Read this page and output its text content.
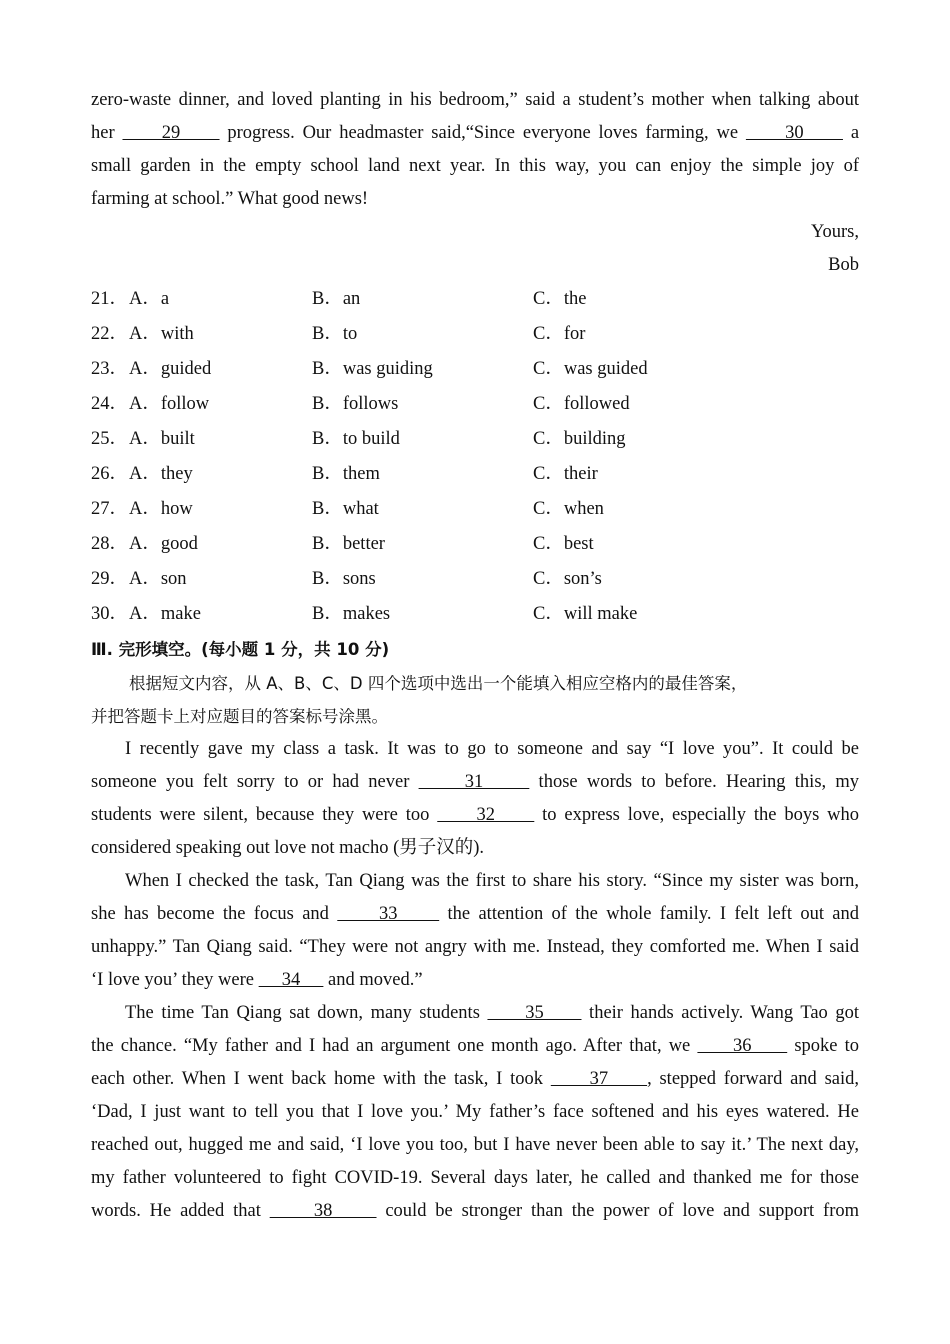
zero-waste dinner, and loved planting in his bedroom,” said a student’s mother when talking about
her      29      progress. Our headmaster said,“Since everyone loves farming, we      30      a
small garden in the empty school land next year. In this way, you can enjoy the simple joy of
farming at school.” What good news!
Yours,
Bob
21． A．a	B．an	C．the
22． A．with	B．to	C．for
23． A．guided	B．was guiding	C．was guided
24． A．follow	B．follows	C．followed
25． A．built	B．to build	C．building
26． A．they	B．them	C．their
27． A．how	B．what	C．when
28． A．good	B．better	C．best
29． A．son	B．sons	C．son’s
30． A．make	B．makes	C．will make
Ⅲ. 完形填空。(每小题 1 分，共 10 分)
根据短文内容，从 A、B、C、D 四个选项中选出一个能填入相应空格内的最佳答案，
并把答题卡上对应题目的答案标号涂黑。
I recently gave my class a task. It was to go to someone and say “I love you”. It could be
someone you felt sorry to or had never      31      those words to before. Hearing this, my
students were silent, because they were too      32      to express love, especially the boys who
considered speaking out love not macho (男子汉的).
When I checked the task, Tan Qiang was the first to share his story. “Since my sister was born,
she has become the focus and      33      the attention of the whole family. I felt left out and
unhappy.” Tan Qiang said. “They were not angry with me. Instead, they comforted me. When I said
‘I love you’ they were      34      and moved.”
The time Tan Qiang sat down, many students      35      their hands actively. Wang Tao got
the chance. “My father and I had an argument one month ago. After that, we      36      spoke to
each other. When I went back home with the task, I took      37     , stepped forward and said,
‘Dad, I just want to tell you that I love you.’ My father’s face softened and his eyes watered. He
reached out, hugged me and said, ‘I love you too, but I have never been able to say it.’ The next day,
my father volunteered to fight COVID-19. Several days later, he called and thanked me for those
words. He added that      38      could be stronger than the power of love and support from
